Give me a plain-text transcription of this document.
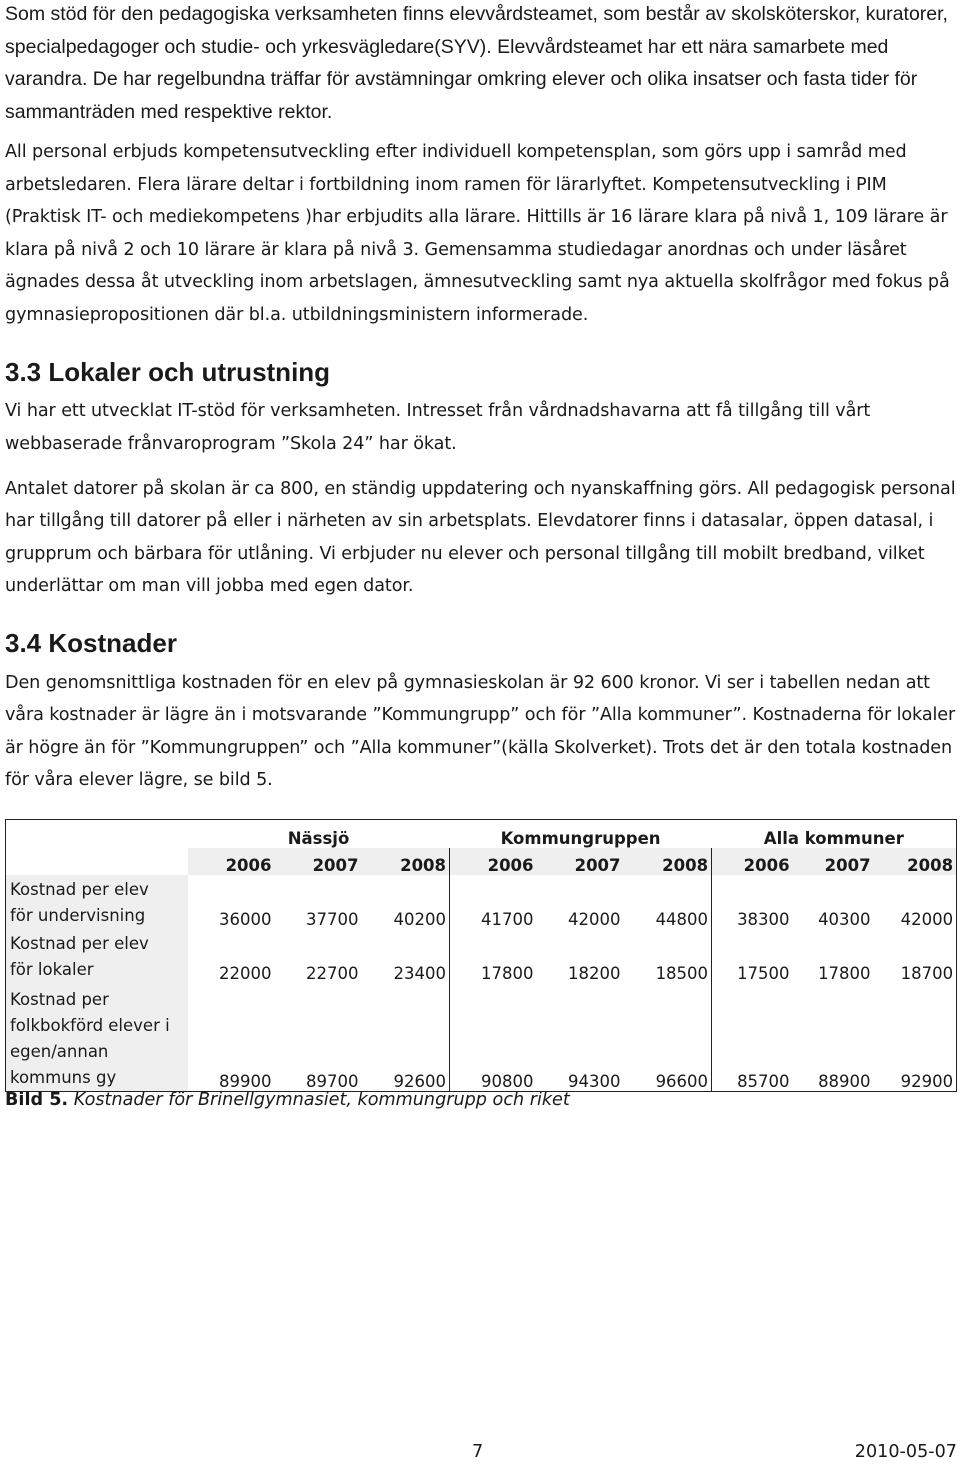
Som stöd för den pedagogiska verksamheten finns elevvårdsteamet, som består av skolsköterskor, kuratorer, specialpedagoger och studie- och yrkesvägledare(SYV). Elevvårdsteamet har ett nära samarbete med varandra. De har regelbundna träffar för avstämningar omkring elever och olika insatser och fasta tider för sammanträden med respektive rektor.

All personal erbjuds kompetensutveckling efter individuell kompetensplan, som görs upp i samråd med arbetsledaren. Flera lärare deltar i fortbildning inom ramen för lärarlyftet. Kompetensutveckling i PIM (Praktisk IT- och mediekompetens )har erbjudits alla lärare. Hittills är 16 lärare klara på nivå 1, 109 lärare är klara på nivå 2 och 10 lärare är klara på nivå 3. Gemensamma studiedagar anordnas och under läsåret ägnades dessa åt utveckling inom arbetslagen, ämnesutveckling samt nya aktuella skolfrågor med fokus på gymnasiepropositionen där bl.a. utbildningsministern informerade.

3.3 Lokaler och utrustning

Vi har ett utvecklat IT-stöd för verksamheten. Intresset från vårdnadshavarna att få tillgång till vårt webbaserade frånvaroprogram ”Skola 24” har ökat.

Antalet datorer på skolan är ca 800, en ständig uppdatering och nyanskaffning görs. All pedagogisk personal har tillgång till datorer på eller i närheten av sin arbetsplats. Elevdatorer finns i datasalar, öppen datasal, i grupprum och bärbara för utlåning. Vi erbjuder nu elever och personal tillgång till mobilt bredband, vilket underlättar om man vill jobba med egen dator.

3.4 Kostnader

Den genomsnittliga kostnaden för en elev på gymnasieskolan är 92 600 kronor. Vi ser i tabellen nedan att våra kostnader är lägre än i motsvarande ”Kommungrupp” och för ”Alla kommuner”. Kostnaderna för lokaler är högre än för ”Kommungruppen” och ”Alla kommuner”(källa Skolverket). Trots det är den totala kostnaden för våra elever lägre, se bild 5.

	Nässjö			Kommungruppen			Alla kommuner		
	2006	2007	2008	2006	2007	2008	2006	2007	2008

Kostnad per elev
för undervisning	36000	37700	40200	41700	42000	44800	38300	40300	42000

Kostnad per elev
för lokaler	22000	22700	23400	17800	18200	18500	17500	17800	18700

Kostnad per
folkbokförd elever i
egen/annan
kommuns gy	89900	89700	92600	90800	94300	96600	85700	88900	92900

Bild 5. Kostnader för Brinellgymnasiet, kommungrupp och riket

7	2010-05-07
